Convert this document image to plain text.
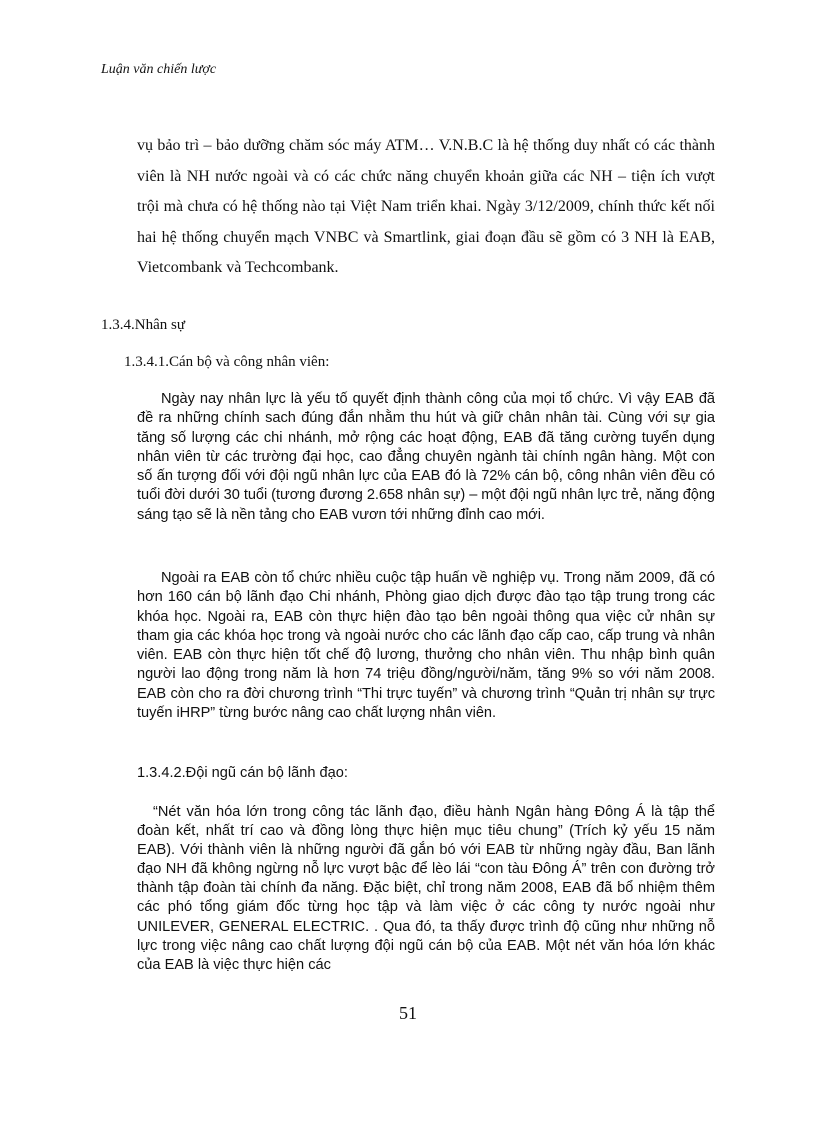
Luận văn chiến lược
vụ bảo trì – bảo dưỡng chăm sóc máy ATM… V.N.B.C là hệ thống duy nhất có các thành viên là NH nước ngoài và có các chức năng chuyển khoản giữa các NH – tiện ích vượt trội mà chưa có hệ thống nào tại Việt Nam triển khai. Ngày 3/12/2009, chính thức kết nối hai hệ thống chuyển mạch VNBC và Smartlink, giai đoạn đầu sẽ gồm có 3 NH là EAB, Vietcombank và Techcombank.
1.3.4.Nhân sự
1.3.4.1.Cán bộ và công nhân viên:
Ngày nay nhân lực là yếu tố quyết định thành công của mọi tổ chức. Vì vậy EAB đã đề ra những chính sach đúng đắn nhằm thu hút và giữ chân nhân tài. Cùng với sự gia tăng số lượng các chi nhánh, mở rộng các hoạt động, EAB đã tăng cường tuyển dụng nhân viên từ các trường đại học, cao đẳng chuyên ngành tài chính ngân hàng. Một con số ấn tượng đối với đội ngũ nhân lực của EAB đó là 72% cán bộ, công nhân viên đều có tuổi đời dưới 30 tuổi (tương đương 2.658 nhân sự) – một đội ngũ nhân lực trẻ, năng động sáng tạo sẽ là nền tảng cho EAB vươn tới những đỉnh cao mới.
Ngoài ra EAB còn tổ chức nhiều cuộc tập huấn về nghiệp vụ. Trong năm 2009, đã có hơn 160 cán bộ lãnh đạo Chi nhánh, Phòng giao dịch được đào tạo tập trung trong các khóa học. Ngoài ra, EAB còn thực hiện đào tạo bên ngoài thông qua việc cử nhân sự tham gia các khóa học trong và ngoài nước cho các lãnh đạo cấp cao, cấp trung và nhân viên. EAB còn thực hiện tốt chế độ lương, thưởng cho nhân viên. Thu nhập bình quân người lao động trong năm là hơn 74 triệu đồng/người/năm, tăng 9% so với năm 2008. EAB còn cho ra đời chương trình “Thi trực tuyến” và chương trình “Quản trị nhân sự trực tuyến iHRP” từng bước nâng cao chất lượng nhân viên.
1.3.4.2.Đội ngũ cán bộ lãnh đạo:
“Nét văn hóa lớn trong công tác lãnh đạo, điều hành Ngân hàng Đông Á là tập thể đoàn kết, nhất trí cao và đồng lòng thực hiện mục tiêu chung” (Trích kỷ yếu 15 năm EAB). Với thành viên là những người đã gắn bó với EAB từ những ngày đầu, Ban lãnh đạo NH đã không ngừng nỗ lực vượt bậc để lèo lái “con tàu Đông Á” trên con đường trở thành tập đoàn tài chính đa năng. Đặc biệt, chỉ trong năm 2008, EAB đã bổ nhiệm thêm các phó tổng giám đốc từng học tập và làm việc ở các công ty nước ngoài như UNILEVER, GENERAL ELECTRIC. . Qua đó, ta thấy được trình độ cũng như những nỗ lực trong việc nâng cao chất lượng đội ngũ cán bộ của EAB. Một nét văn hóa lớn khác của EAB là việc thực hiện các
51
